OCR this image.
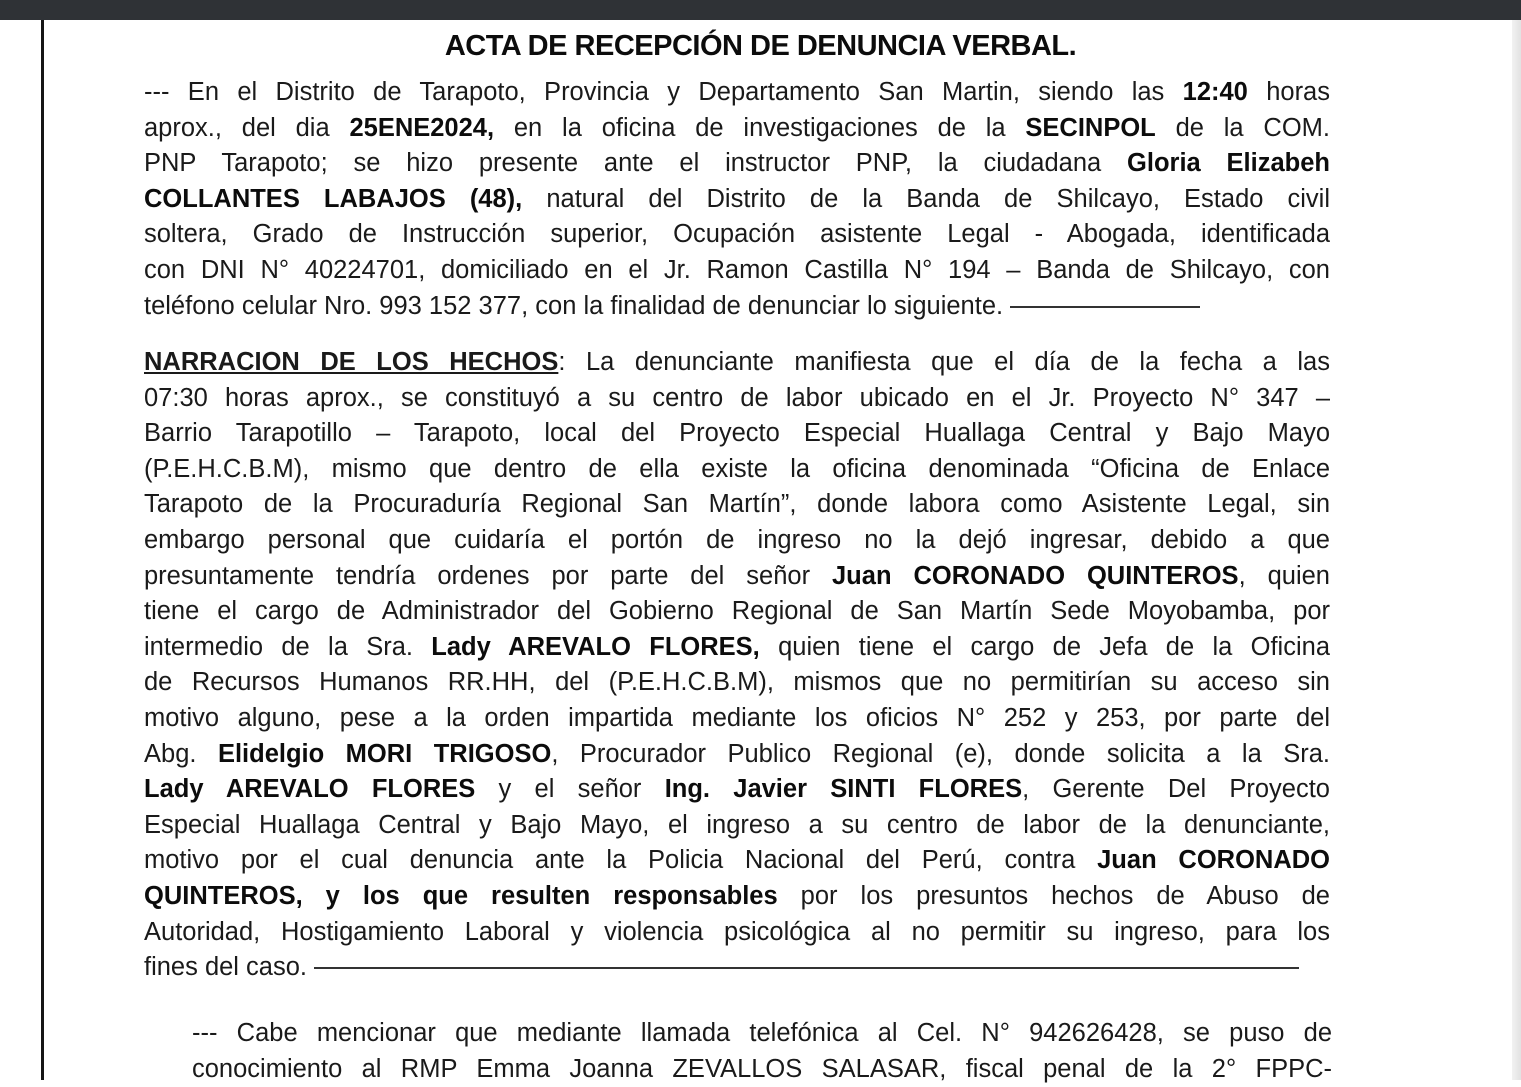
ACTA DE RECEPCIÓN DE DENUNCIA VERBAL.
--- En el Distrito de Tarapoto, Provincia y Departamento San Martin, siendo las 12:40 horas
aprox., del dia 25ENE2024, en la oficina de investigaciones de la SECINPOL de la COM.
PNP Tarapoto; se hizo presente ante el instructor PNP, la ciudadana Gloria Elizabeh
COLLANTES LABAJOS (48), natural del Distrito de la Banda de Shilcayo, Estado civil
soltera, Grado de Instrucción superior, Ocupación asistente Legal - Abogada, identificada
con DNI N° 40224701, domiciliado en el Jr. Ramon Castilla N° 194 – Banda de Shilcayo, con
teléfono celular Nro. 993 152 377, con la finalidad de denunciar lo siguiente.
NARRACION DE LOS HECHOS: La denunciante manifiesta que el día de la fecha a las
07:30 horas aprox., se constituyó a su centro de labor ubicado en el Jr. Proyecto N° 347 –
Barrio Tarapotillo – Tarapoto, local del Proyecto Especial Huallaga Central y Bajo Mayo
(P.E.H.C.B.M), mismo que dentro de ella existe la oficina denominada “Oficina de Enlace
Tarapoto de la Procuraduría Regional San Martín”, donde labora como Asistente Legal, sin
embargo personal que cuidaría el portón de ingreso no la dejó ingresar, debido a que
presuntamente tendría ordenes por parte del señor Juan CORONADO QUINTEROS, quien
tiene el cargo de Administrador del Gobierno Regional de San Martín Sede Moyobamba, por
intermedio de la Sra. Lady AREVALO FLORES, quien tiene el cargo de Jefa de la Oficina
de Recursos Humanos RR.HH, del (P.E.H.C.B.M), mismos que no permitirían su acceso sin
motivo alguno, pese a la orden impartida mediante los oficios N° 252 y 253, por parte del
Abg. Elidelgio MORI TRIGOSO, Procurador Publico Regional (e), donde solicita a la Sra.
Lady AREVALO FLORES y el señor Ing. Javier SINTI FLORES, Gerente Del Proyecto
Especial Huallaga Central y Bajo Mayo, el ingreso a su centro de labor de la denunciante,
motivo por el cual denuncia ante la Policia Nacional del Perú, contra Juan CORONADO
QUINTEROS, y los que resulten responsables por los presuntos hechos de Abuso de
Autoridad, Hostigamiento Laboral y violencia psicológica al no permitir su ingreso, para los
fines del caso.
--- Cabe mencionar que mediante llamada telefónica al Cel. N° 942626428, se puso de
conocimiento al RMP Emma Joanna ZEVALLOS SALASAR, fiscal penal de la 2° FPPC-
